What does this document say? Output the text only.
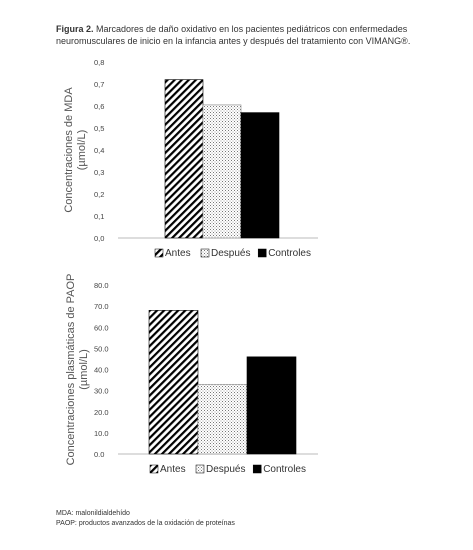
Figura 2. Marcadores de daño oxidativo en los pacientes pediátricos con enfermedades neuromusculares de inicio en la infancia antes y después del tratamiento con VIMANG®.
0,0
0,1
0,2
0,3
0,4
0,5
0,6
0,7
0,8
Concentraciones de MDA(µmol/L)
Antes Después Controles
0.0
10.0
20.0
30.0
40.0
50.0
60.0
70.0
80.0
Concentraciones plasmáticas de PAOP(µmol/L)
Antes Después Controles
MDA: malonildialdehído
PAOP: productos avanzados de la oxidación de proteínas
